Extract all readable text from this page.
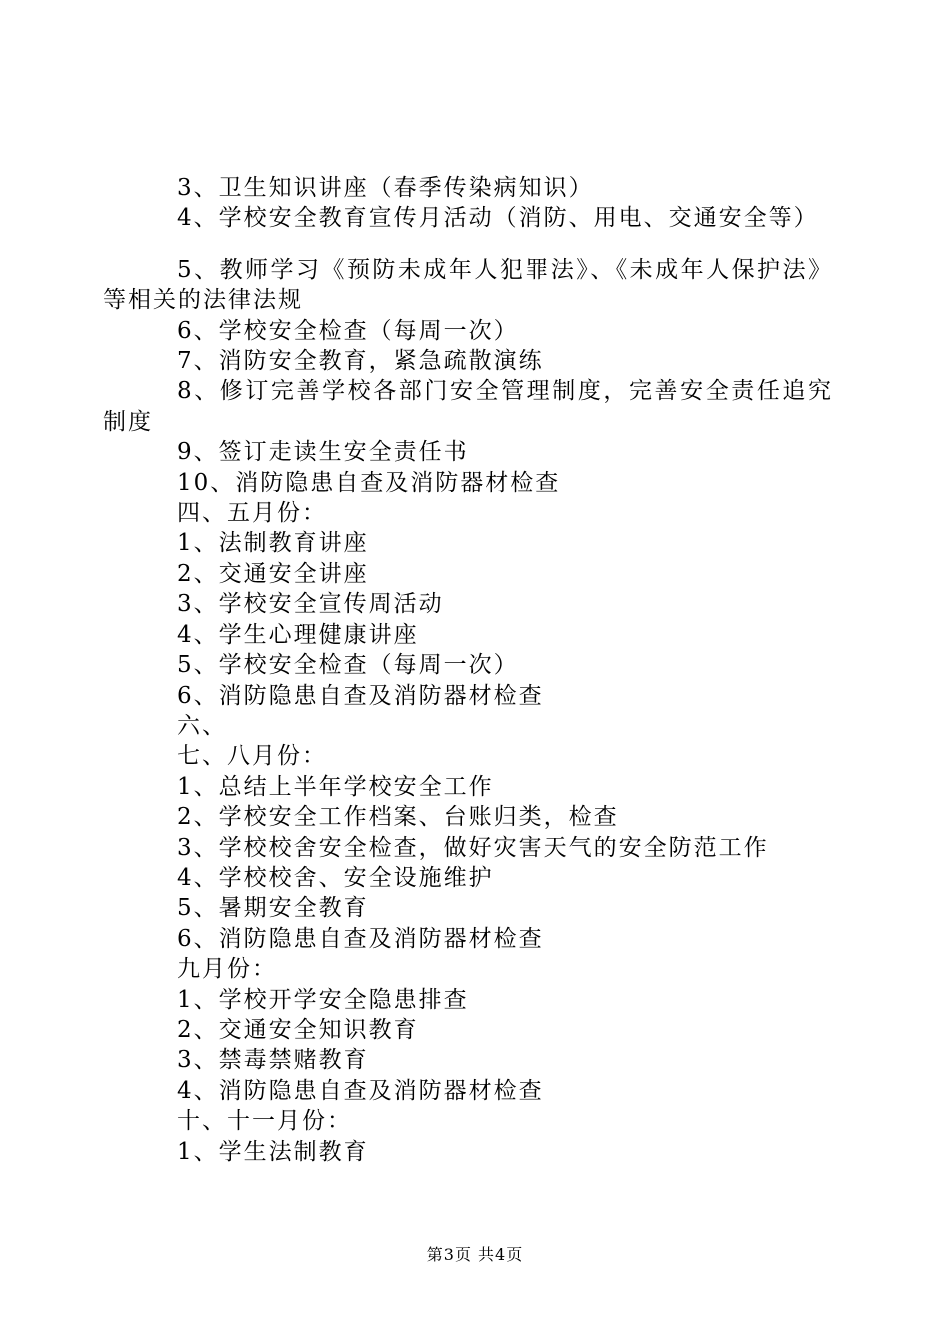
3、卫生知识讲座（春季传染病知识）
4、学校安全教育宣传月活动（消防、用电、交通安全等）
5、教师学习《预防未成年人犯罪法》、《未成年人保护法》等相关的法律法规
6、学校安全检查（每周一次）
7、消防安全教育，紧急疏散演练
8、修订完善学校各部门安全管理制度，完善安全责任追究制度
9、签订走读生安全责任书
10、消防隐患自查及消防器材检查
四、五月份：
1、法制教育讲座
2、交通安全讲座
3、学校安全宣传周活动
4、学生心理健康讲座
5、学校安全检查（每周一次）
6、消防隐患自查及消防器材检查
六、
七、八月份：
1、总结上半年学校安全工作
2、学校安全工作档案、台账归类，检查
3、学校校舍安全检查，做好灾害天气的安全防范工作
4、学校校舍、安全设施维护
5、暑期安全教育
6、消防隐患自查及消防器材检查
九月份：
1、学校开学安全隐患排查
2、交通安全知识教育
3、禁毒禁赌教育
4、消防隐患自查及消防器材检查
十、十一月份：
1、学生法制教育
第3页 共4页
